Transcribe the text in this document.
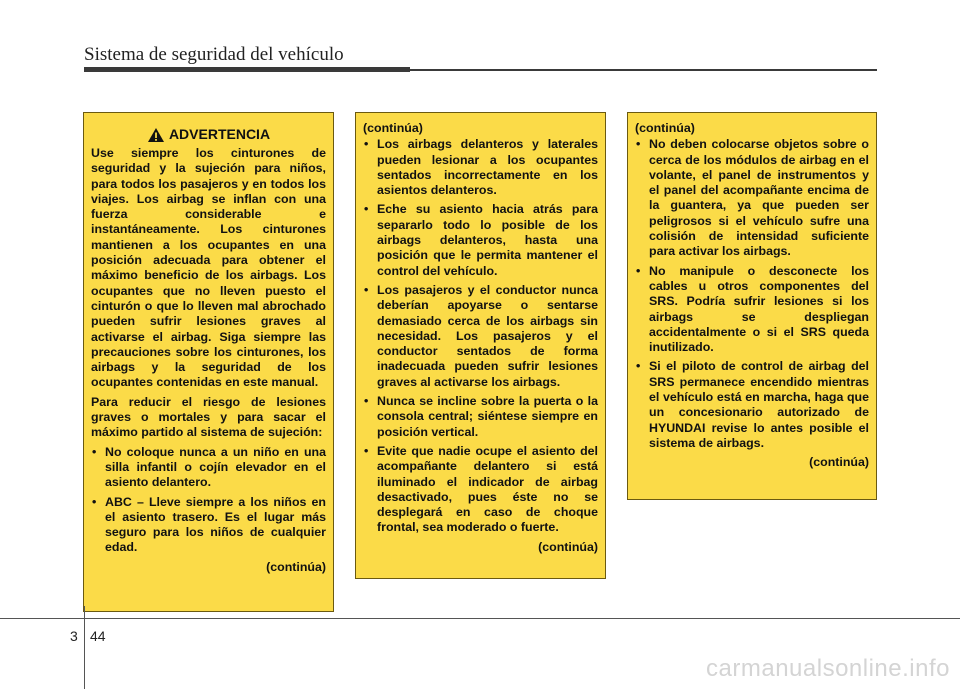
Sistema de seguridad del vehículo
ADVERTENCIA

Use siempre los cinturones de seguridad y la sujeción para niños, para todos los pasajeros y en todos los viajes. Los airbag se inflan con una fuerza considerable e instantáneamente. Los cinturones mantienen a los ocupantes en una posición adecuada para obtener el máximo beneficio de los airbags. Los ocupantes que no lleven puesto el cinturón o que lo lleven mal abrochado pueden sufrir lesiones graves al activarse el airbag. Siga siempre las precauciones sobre los cinturones, los airbags y la seguridad de los ocupantes contenidas en este manual.

Para reducir el riesgo de lesiones graves o mortales y para sacar el máximo partido al sistema de sujeción:

• No coloque nunca a un niño en una silla infantil o cojín elevador en el asiento delantero.
• ABC – Lleve siempre a los niños en el asiento trasero. Es el lugar más seguro para los niños de cualquier edad.
(continúa)
(continúa)
• Los airbags delanteros y laterales pueden lesionar a los ocupantes sentados incorrectamente en los asientos delanteros.
• Eche su asiento hacia atrás para separarlo todo lo posible de los airbags delanteros, hasta una posición que le permita mantener el control del vehículo.
• Los pasajeros y el conductor nunca deberían apoyarse o sentarse demasiado cerca de los airbags sin necesidad. Los pasajeros y el conductor sentados de forma inadecuada pueden sufrir lesiones graves al activarse los airbags.
• Nunca se incline sobre la puerta o la consola central; siéntese siempre en posición vertical.
• Evite que nadie ocupe el asiento del acompañante delantero si está iluminado el indicador de airbag desactivado, pues éste no se desplegará en caso de choque frontal, sea moderado o fuerte.
(continúa)
(continúa)
• No deben colocarse objetos sobre o cerca de los módulos de airbag en el volante, el panel de instrumentos y el panel del acompañante encima de la guantera, ya que pueden ser peligrosos si el vehículo sufre una colisión de intensidad suficiente para activar los airbags.
• No manipule o desconecte los cables u otros componentes del SRS. Podría sufrir lesiones si los airbags se despliegan accidentalmente o si el SRS queda inutilizado.
• Si el piloto de control de airbag del SRS permanece encendido mientras el vehículo está en marcha, haga que un concesionario autorizado de HYUNDAI revise lo antes posible el sistema de airbags.
(continúa)
3 44
carmanualsonline.info
